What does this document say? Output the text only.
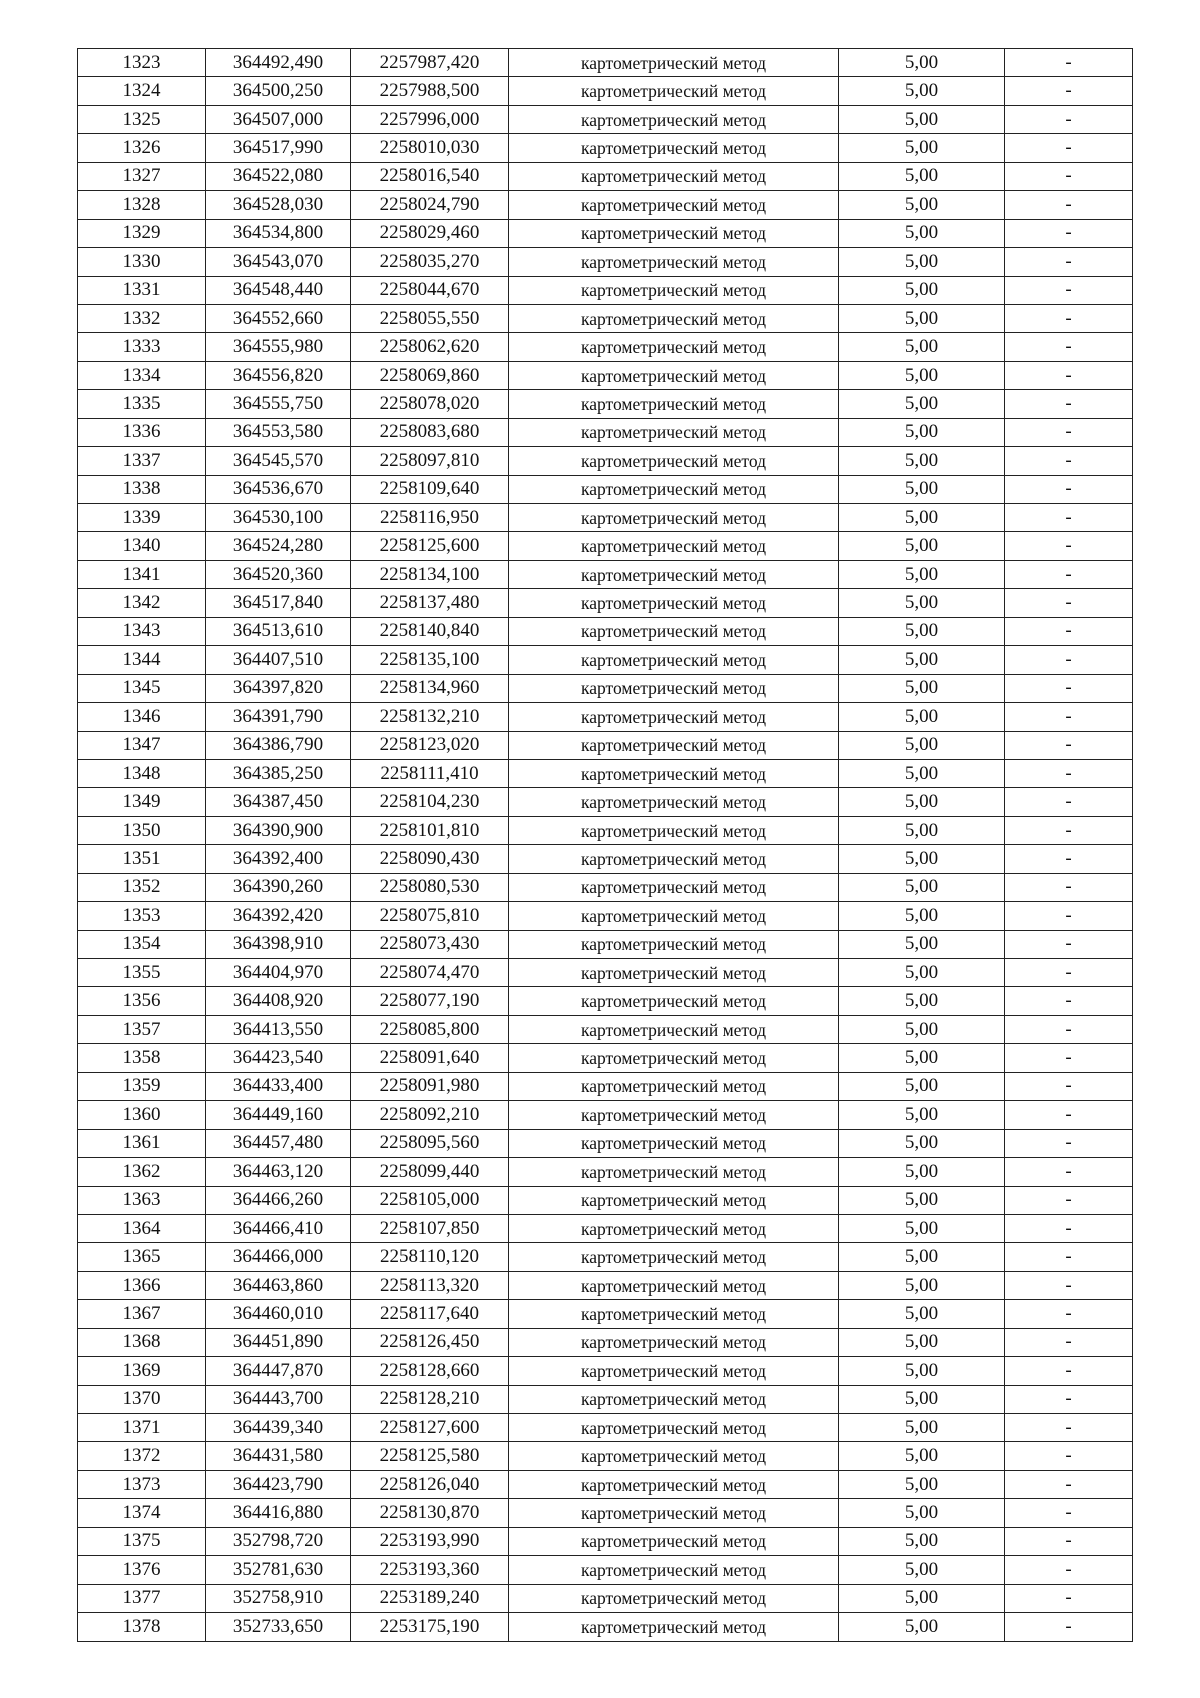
1323	364492,490	2257987,420	картометрический метод	5,00	-
1324	364500,250	2257988,500	картометрический метод	5,00	-
1325	364507,000	2257996,000	картометрический метод	5,00	-
1326	364517,990	2258010,030	картометрический метод	5,00	-
1327	364522,080	2258016,540	картометрический метод	5,00	-
1328	364528,030	2258024,790	картометрический метод	5,00	-
1329	364534,800	2258029,460	картометрический метод	5,00	-
1330	364543,070	2258035,270	картометрический метод	5,00	-
1331	364548,440	2258044,670	картометрический метод	5,00	-
1332	364552,660	2258055,550	картометрический метод	5,00	-
1333	364555,980	2258062,620	картометрический метод	5,00	-
1334	364556,820	2258069,860	картометрический метод	5,00	-
1335	364555,750	2258078,020	картометрический метод	5,00	-
1336	364553,580	2258083,680	картометрический метод	5,00	-
1337	364545,570	2258097,810	картометрический метод	5,00	-
1338	364536,670	2258109,640	картометрический метод	5,00	-
1339	364530,100	2258116,950	картометрический метод	5,00	-
1340	364524,280	2258125,600	картометрический метод	5,00	-
1341	364520,360	2258134,100	картометрический метод	5,00	-
1342	364517,840	2258137,480	картометрический метод	5,00	-
1343	364513,610	2258140,840	картометрический метод	5,00	-
1344	364407,510	2258135,100	картометрический метод	5,00	-
1345	364397,820	2258134,960	картометрический метод	5,00	-
1346	364391,790	2258132,210	картометрический метод	5,00	-
1347	364386,790	2258123,020	картометрический метод	5,00	-
1348	364385,250	2258111,410	картометрический метод	5,00	-
1349	364387,450	2258104,230	картометрический метод	5,00	-
1350	364390,900	2258101,810	картометрический метод	5,00	-
1351	364392,400	2258090,430	картометрический метод	5,00	-
1352	364390,260	2258080,530	картометрический метод	5,00	-
1353	364392,420	2258075,810	картометрический метод	5,00	-
1354	364398,910	2258073,430	картометрический метод	5,00	-
1355	364404,970	2258074,470	картометрический метод	5,00	-
1356	364408,920	2258077,190	картометрический метод	5,00	-
1357	364413,550	2258085,800	картометрический метод	5,00	-
1358	364423,540	2258091,640	картометрический метод	5,00	-
1359	364433,400	2258091,980	картометрический метод	5,00	-
1360	364449,160	2258092,210	картометрический метод	5,00	-
1361	364457,480	2258095,560	картометрический метод	5,00	-
1362	364463,120	2258099,440	картометрический метод	5,00	-
1363	364466,260	2258105,000	картометрический метод	5,00	-
1364	364466,410	2258107,850	картометрический метод	5,00	-
1365	364466,000	2258110,120	картометрический метод	5,00	-
1366	364463,860	2258113,320	картометрический метод	5,00	-
1367	364460,010	2258117,640	картометрический метод	5,00	-
1368	364451,890	2258126,450	картометрический метод	5,00	-
1369	364447,870	2258128,660	картометрический метод	5,00	-
1370	364443,700	2258128,210	картометрический метод	5,00	-
1371	364439,340	2258127,600	картометрический метод	5,00	-
1372	364431,580	2258125,580	картометрический метод	5,00	-
1373	364423,790	2258126,040	картометрический метод	5,00	-
1374	364416,880	2258130,870	картометрический метод	5,00	-
1375	352798,720	2253193,990	картометрический метод	5,00	-
1376	352781,630	2253193,360	картометрический метод	5,00	-
1377	352758,910	2253189,240	картометрический метод	5,00	-
1378	352733,650	2253175,190	картометрический метод	5,00	-
